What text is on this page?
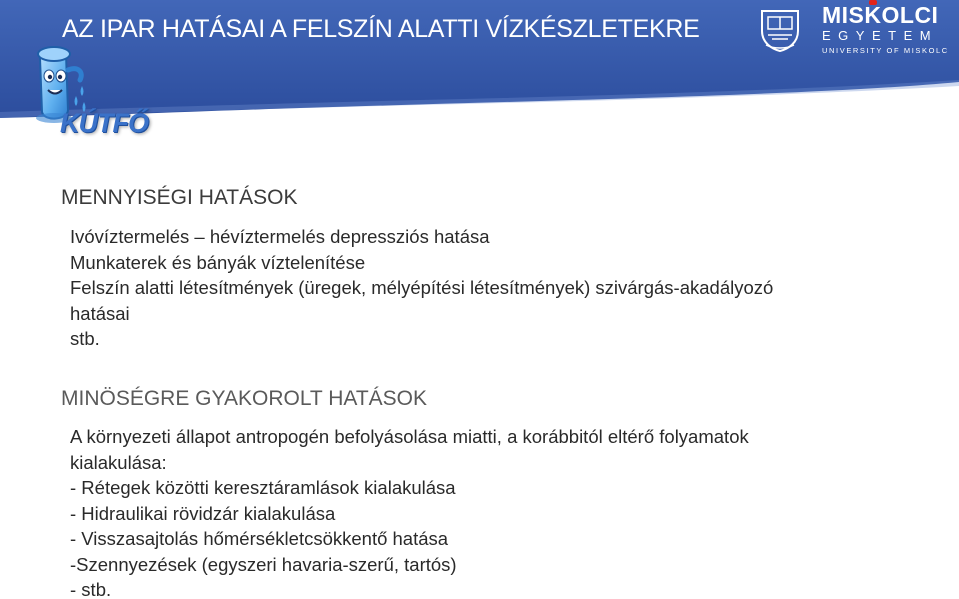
AZ IPAR HATÁSAI A FELSZÍN ALATTI VÍZKÉSZLETEKRE
KÚTFŐ
MISKOLCI
EGYETEM
UNIVERSITY OF MISKOLC
MENNYISÉGI HATÁSOK
Ivóvíztermelés – hévíztermelés depressziós hatása
Munkaterek és bányák víztelenítése
Felszín alatti létesítmények (üregek, mélyépítési létesítmények) szivárgás-akadályozó hatásai
stb.
MINÖSÉGRE GYAKOROLT HATÁSOK
A környezeti állapot antropogén befolyásolása miatti, a korábbitól eltérő folyamatok kialakulása:
- Rétegek közötti keresztáramlások kialakulása
- Hidraulikai rövidzár kialakulása
- Visszasajtolás hőmérsékletcsökkentő hatása
-Szennyezések (egyszeri havaria-szerű, tartós)
- stb.
